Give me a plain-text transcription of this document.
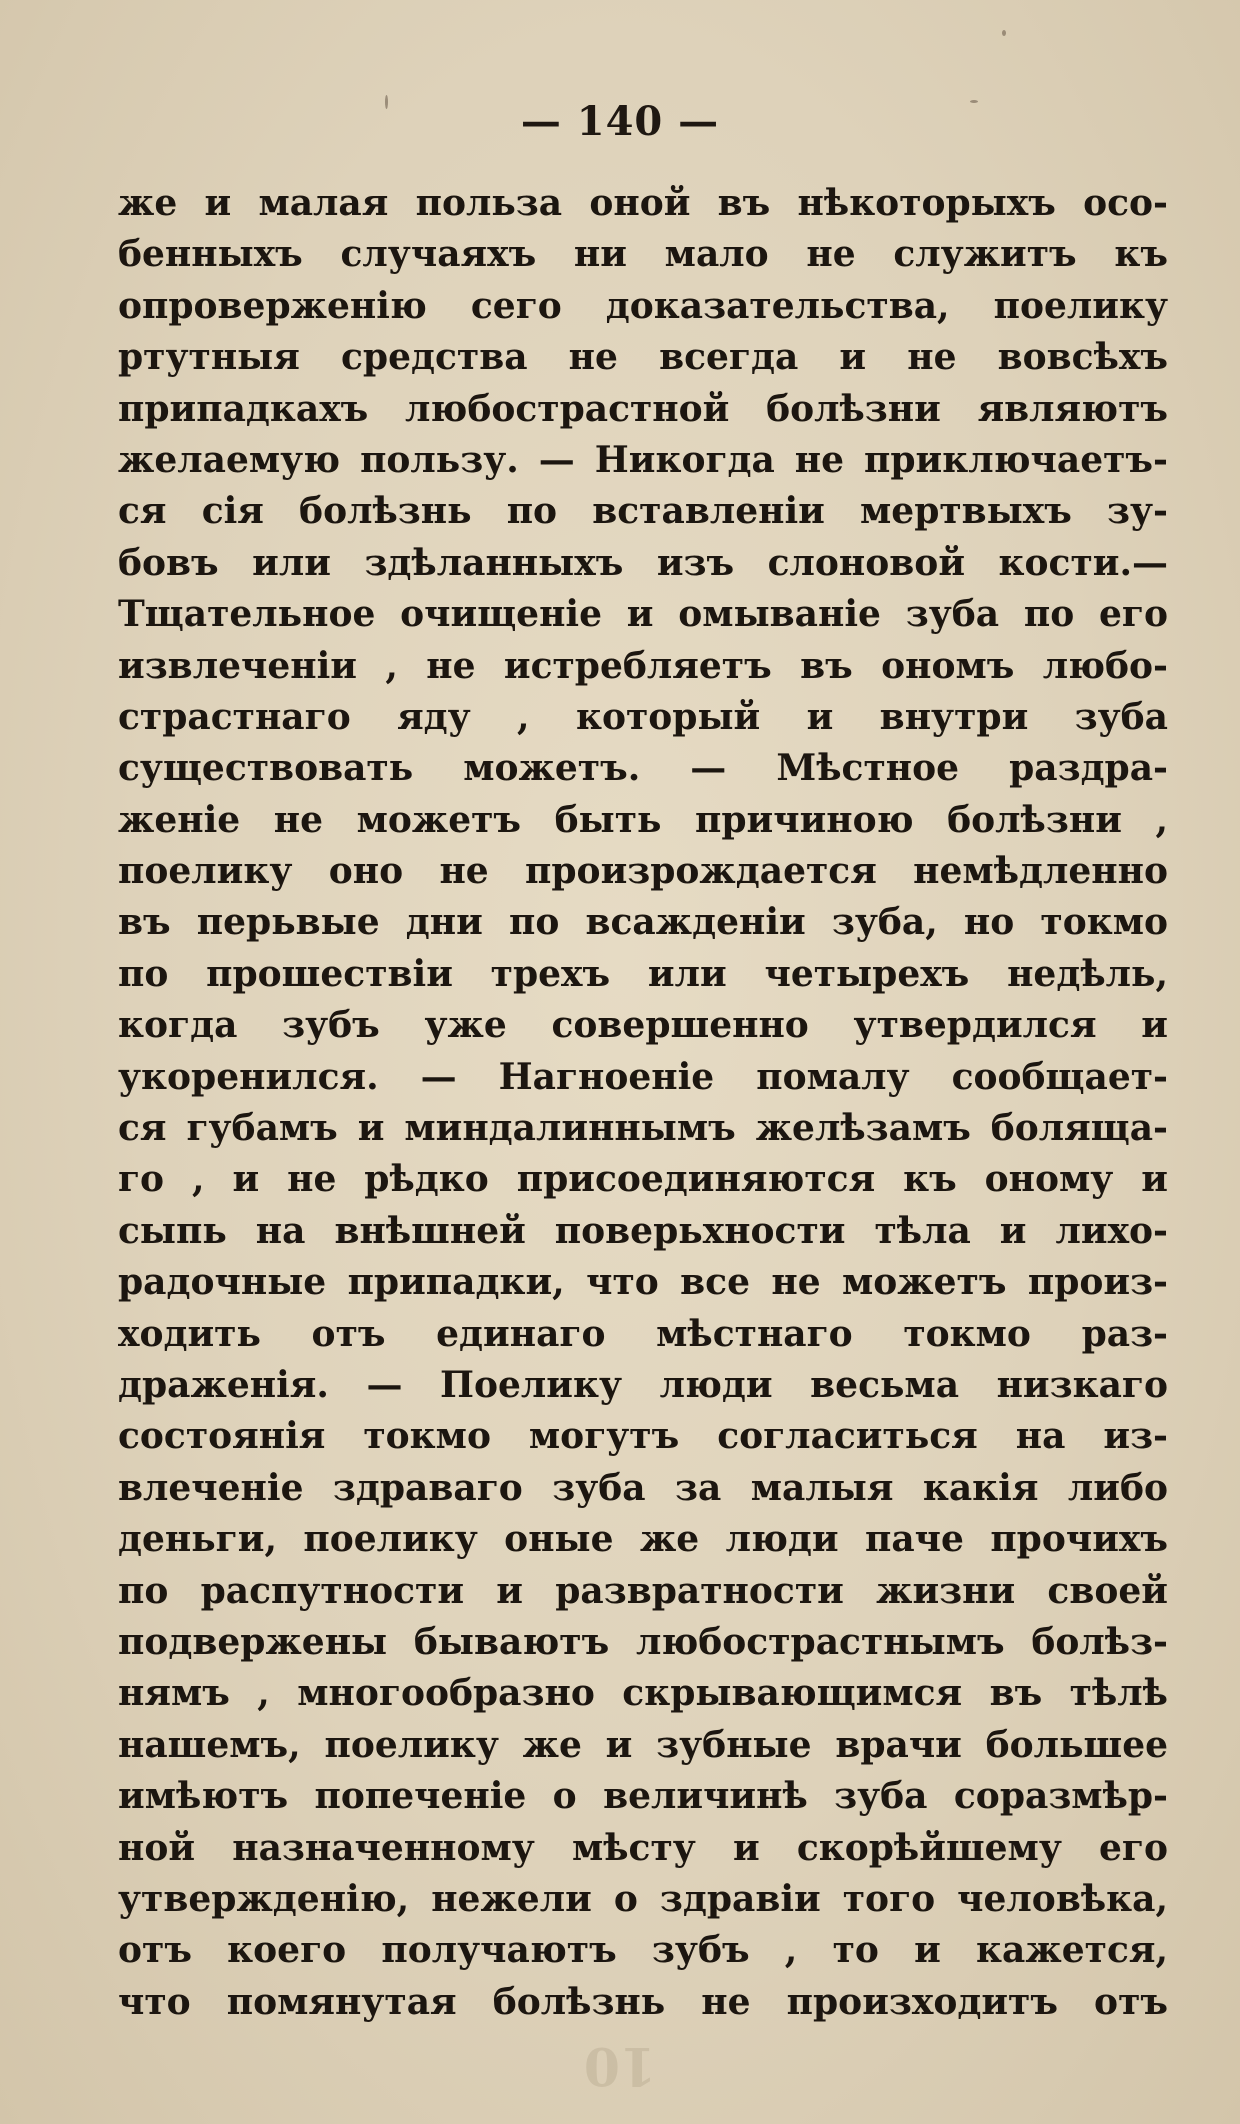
— 140 —
же и малая польза оной въ нѣкоторыхъ осо-
бенныхъ случаяхъ ни мало не служитъ къ
опроверженію сего доказательства, поелику
ртутныя средства не всегда и не вовсѣхъ
припадкахъ любострастной болѣзни являютъ
желаемую пользу. — Никогда не приключаетъ-
ся сія болѣзнь по вставленіи мертвыхъ зу-
бовъ или здѣланныхъ изъ слоновой кости.—
Тщательное очищеніе и омываніе зуба по его
извлеченіи , не истребляетъ въ ономъ любо-
страстнаго яду , который и внутри зуба
существовать можетъ. — Мѣстное раздра-
женіе не можетъ быть причиною болѣзни ,
поелику оно не произрождается немѣдленно
въ перьвые дни по всажденіи зуба, но токмо
по прошествіи трехъ или четырехъ недѣль,
когда зубъ уже совершенно утвердился и
укоренился. — Нагноеніе помалу сообщает-
ся губамъ и миндалиннымъ желѣзамъ болящa-
го , и не рѣдко присоединяются къ оному и
сыпь на внѣшней поверьхности тѣла и лихо-
радочные припадки, что все не можетъ произ-
ходить отъ единаго мѣстнаго токмо раз-
драженія. — Поелику люди весьма низкаго
состоянія токмо могутъ согласиться на из-
влеченіе здраваго зуба за малыя какія либо
деньги, поелику оные же люди паче прочихъ
по распутности и развратности жизни своей
подвержены бываютъ любострастнымъ болѣз-
нямъ , многообразно скрывающимся въ тѣлѣ
нашемъ, поелику же и зубные врачи большее
имѣютъ попеченіе о величинѣ зуба соразмѣр-
ной назначенному мѣсту и скорѣйшему его
утвержденію, нежели о здравіи того человѣка,
отъ коего получаютъ зубъ , то и кажется,
что помянутая болѣзнь не произходитъ отъ
10
